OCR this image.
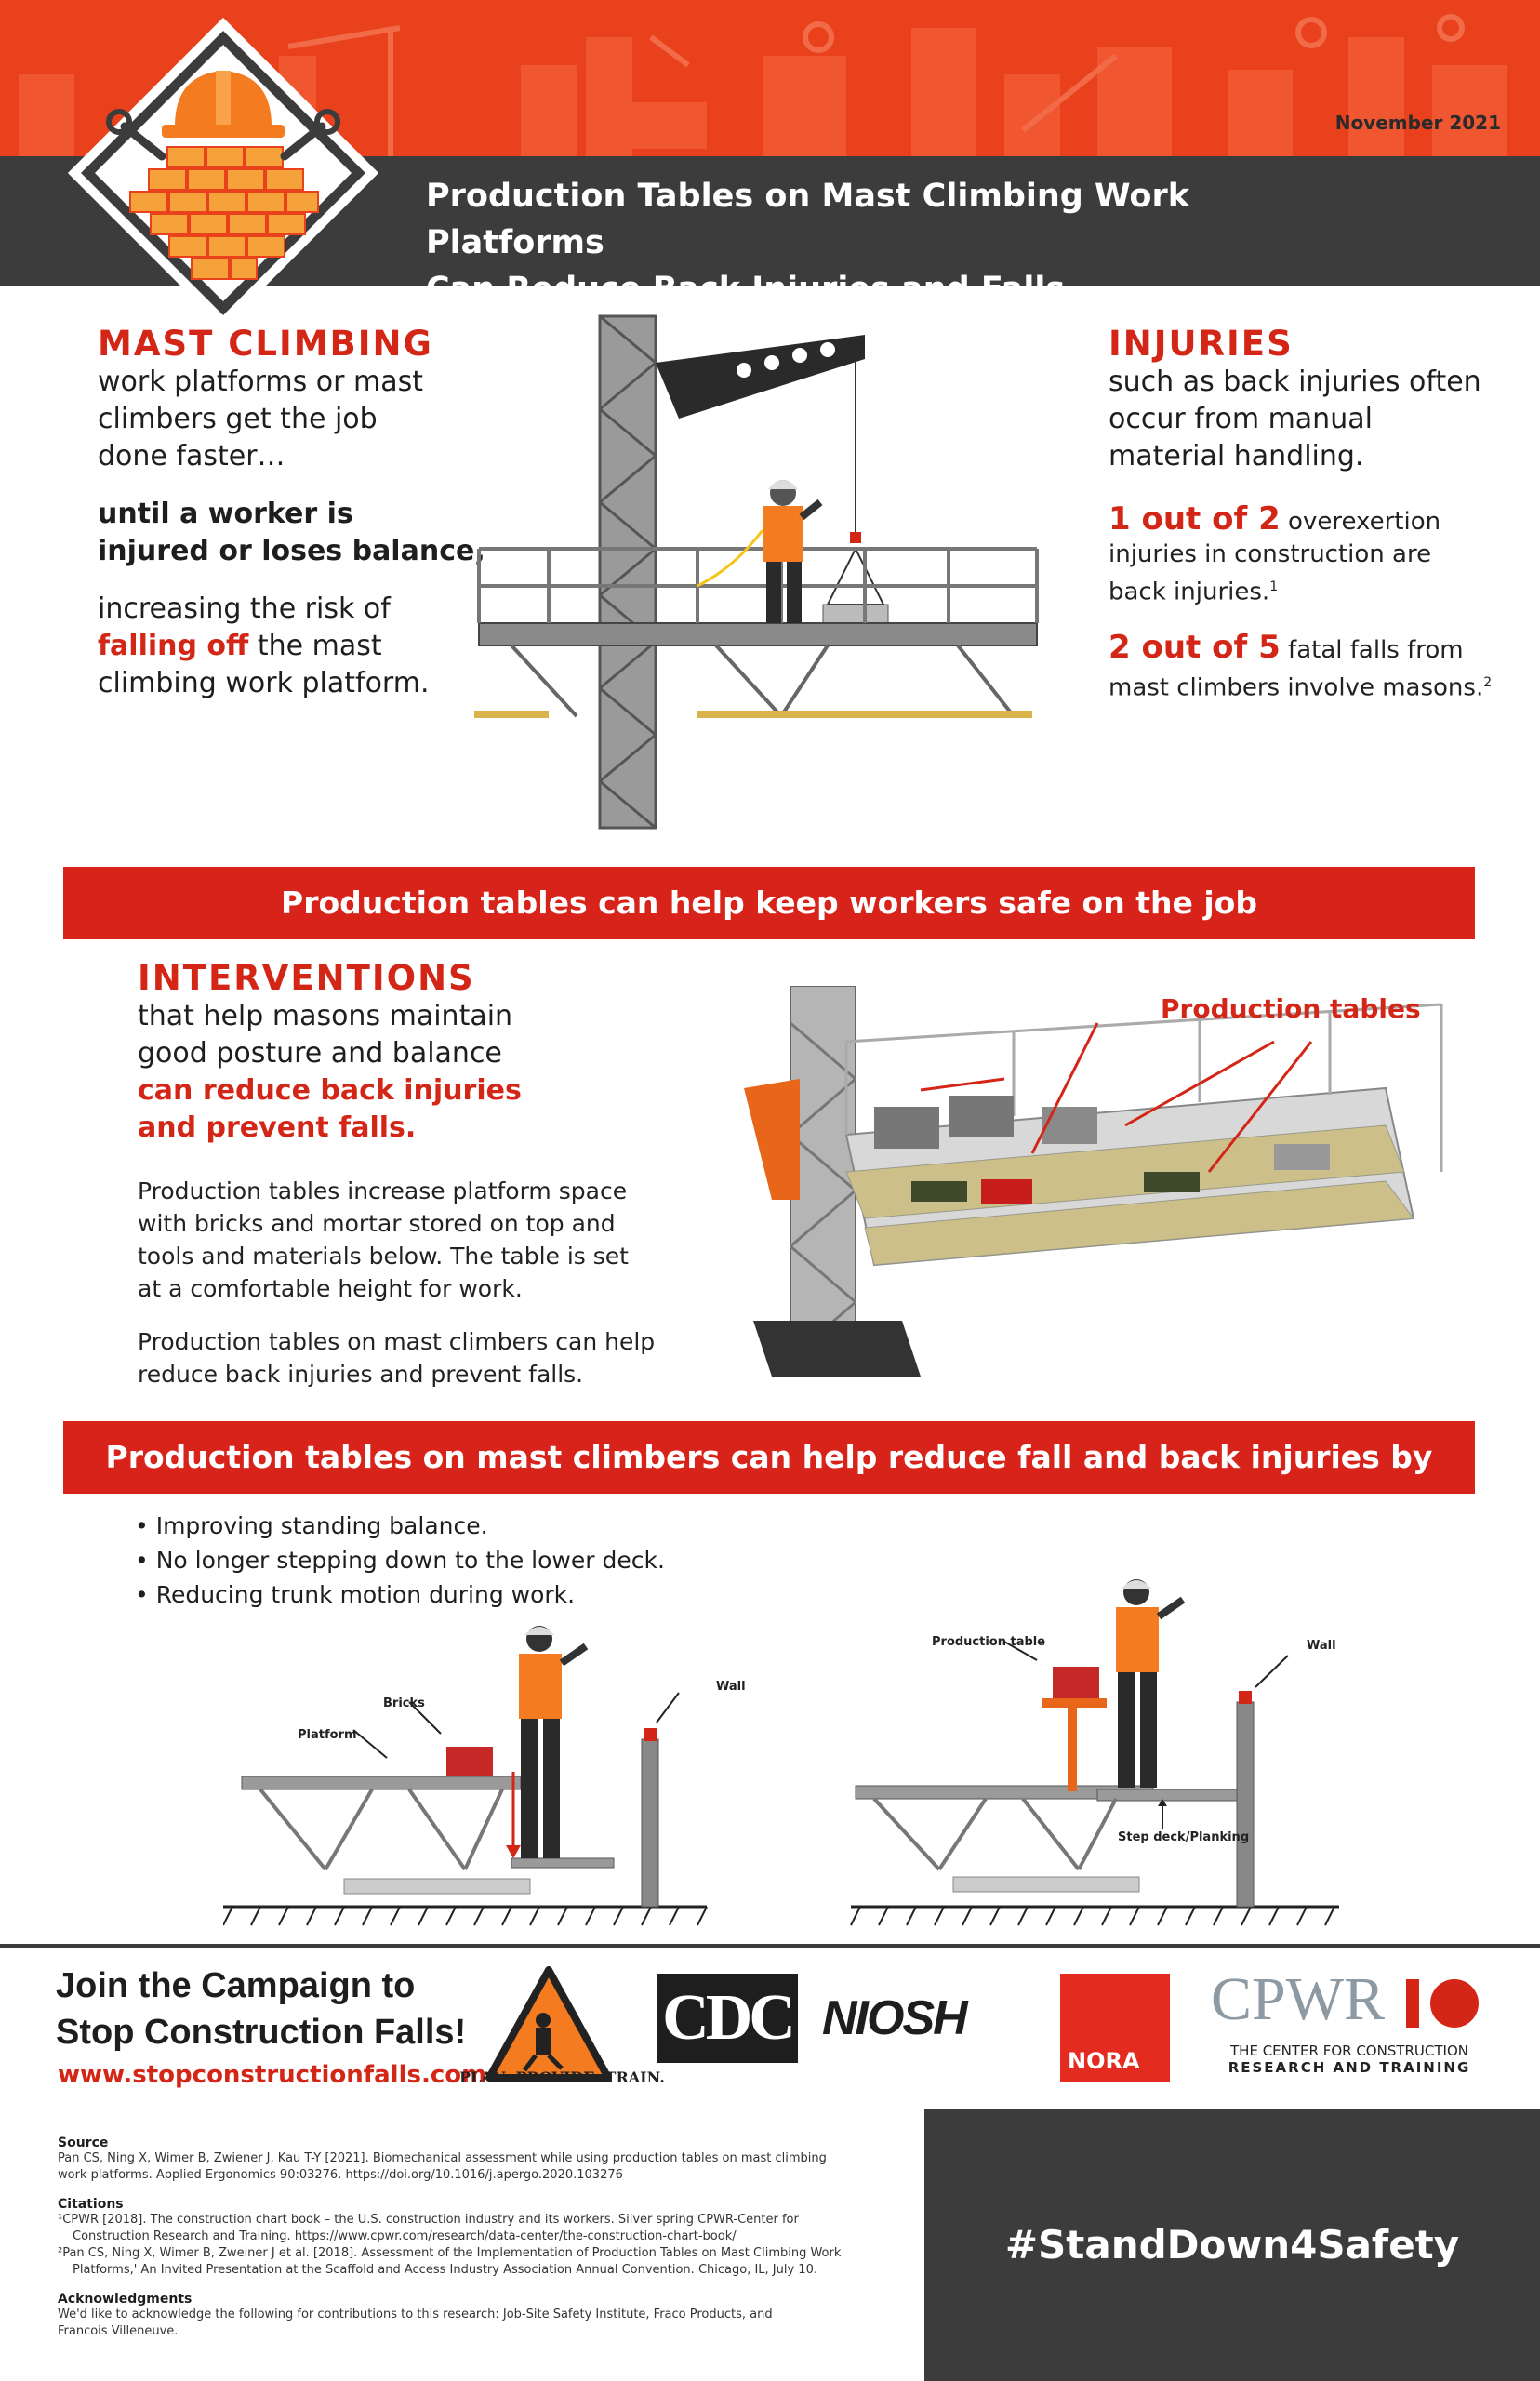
November 2021
Production Tables on Mast Climbing Work Platforms
Can Reduce Back Injuries and Falls
MAST CLIMBING
work platforms or mast
climbers get the job
done faster…
until a worker is
injured or loses balance,
increasing the risk of
falling off the mast
climbing work platform.
INJURIES
such as back injuries often
occur from manual
material handling.
1 out of 2 overexertion
injuries in construction are
back injuries.$^1$
2 out of 5 fatal falls from
mast climbers involve masons.$^2$
Production tables can help keep workers safe on the job
INTERVENTIONS
that help masons maintain
good posture and balance
can reduce back injuries
and prevent falls.
Production tables increase platform space
with bricks and mortar stored on top and
tools and materials below. The table is set
at a comfortable height for work.
Production tables on mast climbers can help
reduce back injuries and prevent falls.
Production tables
Production tables on mast climbers can help reduce fall and back injuries by
• Improving standing balance.
• No longer stepping down to the lower deck.
• Reducing trunk motion during work.
Bricks
Platform
Wall
Production table	Wall
Step deck/Planking
Join the Campaign to
Stop Construction Falls!
www.stopconstructionfalls.com
PLAN. PROVIDE. TRAIN.
CDC NIOSH
NORA
CPWR
THE CENTER FOR CONSTRUCTION
RESEARCH AND TRAINING
Source
Pan CS, Ning X, Wimer B, Zwiener J, Kau T-Y [2021]. Biomechanical assessment while using production tables on mast climbing
work platforms. Applied Ergonomics 90:03276. https://doi.org/10.1016/j.apergo.2020.103276
Citations
¹CPWR [2018]. The construction chart book – the U.S. construction industry and its workers. Silver spring CPWR-Center for
Construction Research and Training. https://www.cpwr.com/research/data-center/the-construction-chart-book/
²Pan CS, Ning X, Wimer B, Zweiner J et al. [2018]. Assessment of the Implementation of Production Tables on Mast Climbing Work
Platforms,' An Invited Presentation at the Scaffold and Access Industry Association Annual Convention. Chicago, IL, July 10.
Acknowledgments
We'd like to acknowledge the following for contributions to this research: Job-Site Safety Institute, Fraco Products, and
Francois Villeneuve.
#StandDown4Safety
